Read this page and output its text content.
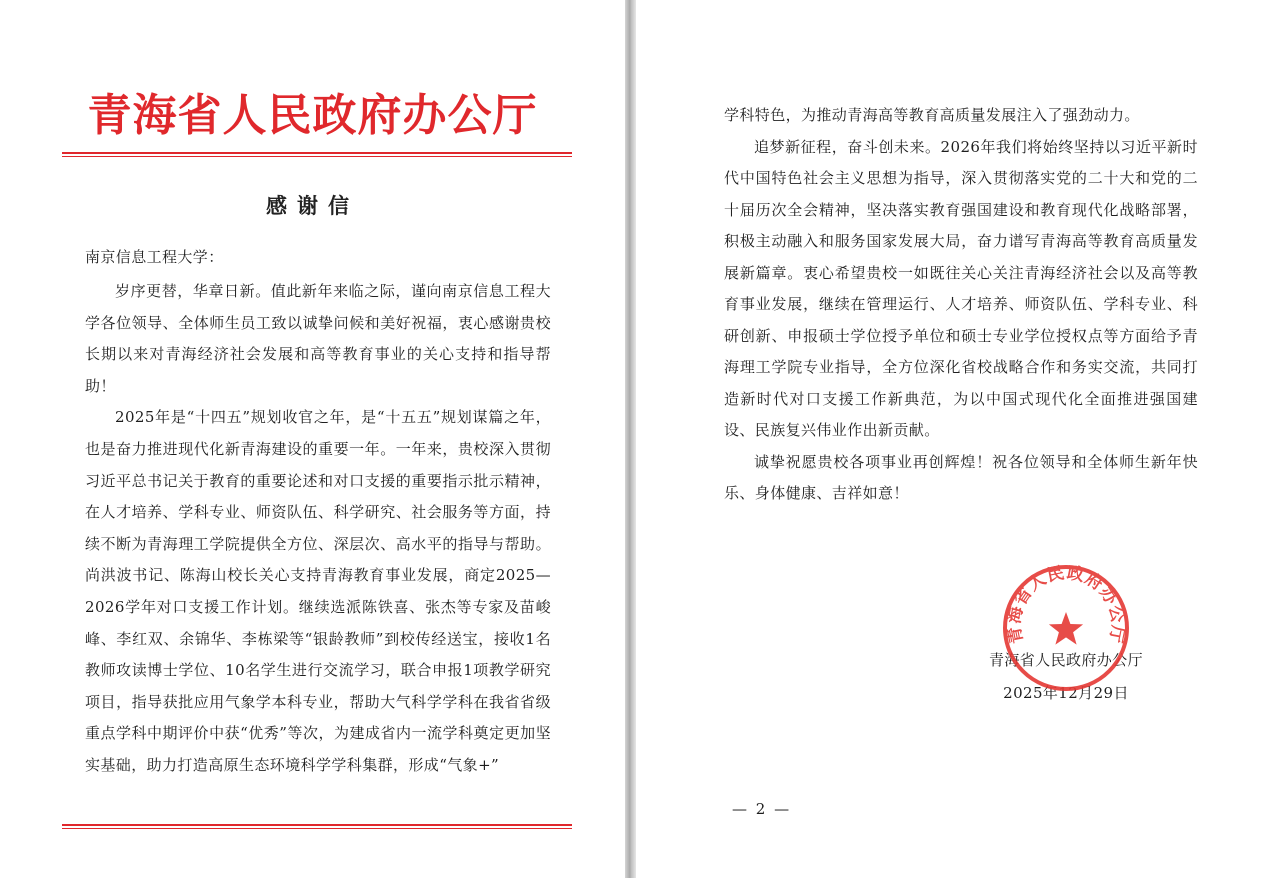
青海省人民政府办公厅
感谢信
南京信息工程大学：

岁序更替，华章日新。值此新年来临之际，谨向南京信息工程大学各位领导、全体师生员工致以诚挚问候和美好祝福，衷心感谢贵校长期以来对青海经济社会发展和高等教育事业的关心支持和指导帮助！

2025年是“十四五”规划收官之年，是“十五五”规划谋篇之年，也是奋力推进现代化新青海建设的重要一年。一年来，贵校深入贯彻习近平总书记关于教育的重要论述和对口支援的重要指示批示精神，在人才培养、学科专业、师资队伍、科学研究、社会服务等方面，持续不断为青海理工学院提供全方位、深层次、高水平的指导与帮助。尚洪波书记、陈海山校长关心支持青海教育事业发展，商定2025—2026学年对口支援工作计划。继续选派陈铁喜、张杰等专家及苗峻峰、李红双、余锦华、李栋梁等“银龄教师”到校传经送宝，接收1名教师攻读博士学位、10名学生进行交流学习，联合申报1项教学研究项目，指导获批应用气象学本科专业，帮助大气科学学科在我省省级重点学科中期评价中获“优秀”等次，为建成省内一流学科奠定更加坚实基础，助力打造高原生态环境科学学科集群，形成“气象+”

学科特色，为推动青海高等教育高质量发展注入了强劲动力。

追梦新征程，奋斗创未来。2026年我们将始终坚持以习近平新时代中国特色社会主义思想为指导，深入贯彻落实党的二十大和党的二十届历次全会精神，坚决落实教育强国建设和教育现代化战略部署，积极主动融入和服务国家发展大局，奋力谱写青海高等教育高质量发展新篇章。衷心希望贵校一如既往关心关注青海经济社会以及高等教育事业发展，继续在管理运行、人才培养、师资队伍、学科专业、科研创新、申报硕士学位授予单位和硕士专业学位授权点等方面给予青海理工学院专业指导，全方位深化省校战略合作和务实交流，共同打造新时代对口支援工作新典范，为以中国式现代化全面推进强国建设、民族复兴伟业作出新贡献。

诚挚祝愿贵校各项事业再创辉煌！祝各位领导和全体师生新年快乐、身体健康、吉祥如意！

青海省人民政府办公厅
2025年12月29日
青海省人民政府办公厅
— 2 —
